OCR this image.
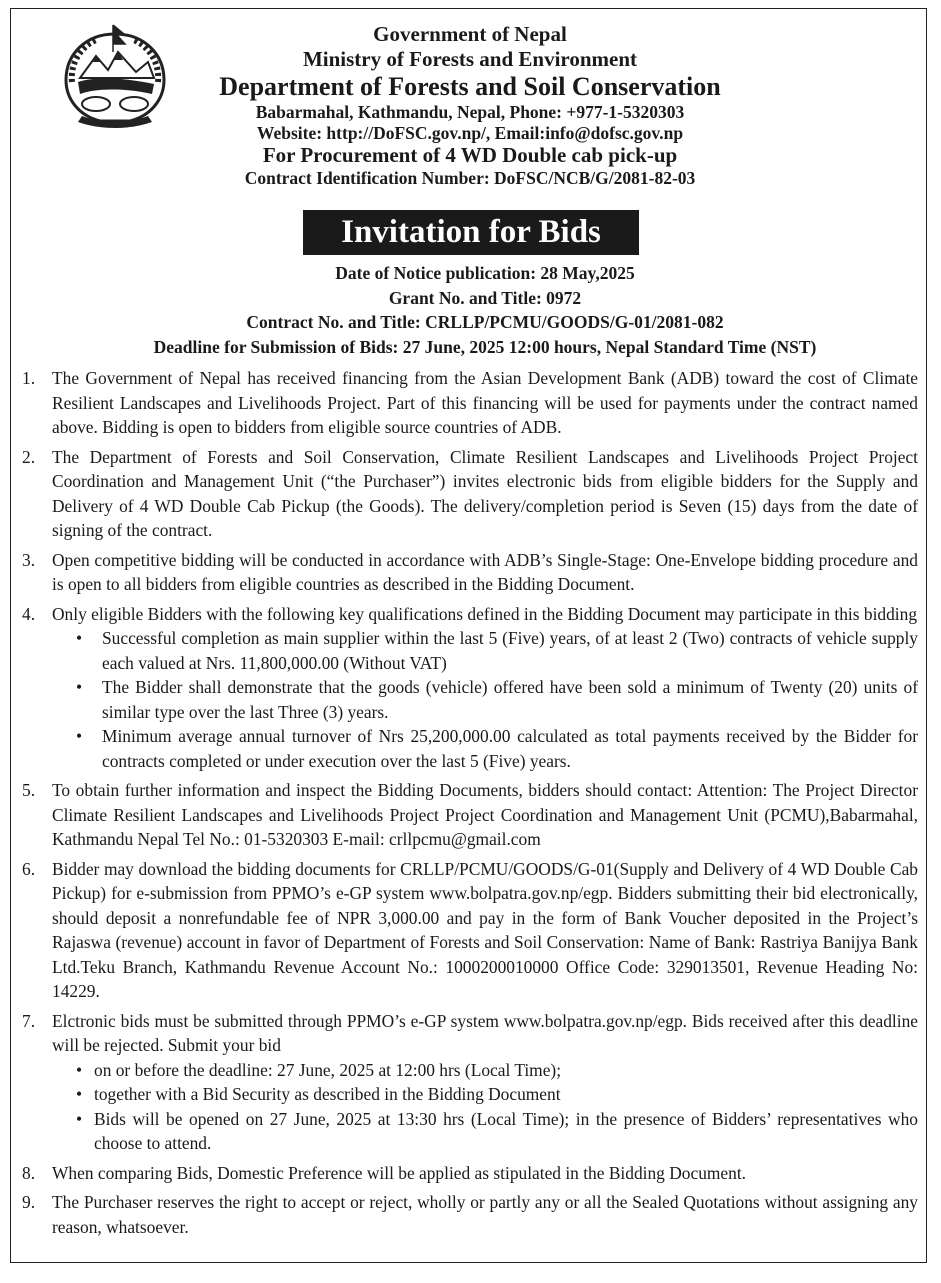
Government of Nepal
Ministry of Forests and Environment
Department of Forests and Soil Conservation
Babarmahal, Kathmandu, Nepal, Phone: +977-1-5320303
Website: http://DoFSC.gov.np/, Email:info@dofsc.gov.np
For Procurement of 4 WD Double cab pick-up
Contract Identification Number: DoFSC/NCB/G/2081-82-03
Invitation for Bids
Date of Notice publication: 28 May,2025
Grant No. and Title: 0972
Contract No. and Title: CRLLP/PCMU/GOODS/G-01/2081-082
Deadline for Submission of Bids: 27 June, 2025 12:00 hours, Nepal Standard Time (NST)
1. The Government of Nepal has received financing from the Asian Development Bank (ADB) toward the cost of Climate Resilient Landscapes and Livelihoods Project. Part of this financing will be used for payments under the contract named above. Bidding is open to bidders from eligible source countries of ADB.
2. The Department of Forests and Soil Conservation, Climate Resilient Landscapes and Livelihoods Project Project Coordination and Management Unit (“the Purchaser”) invites electronic bids from eligible bidders for the Supply and Delivery of 4 WD Double Cab Pickup (the Goods). The delivery/completion period is Seven (15) days from the date of signing of the contract.
3. Open competitive bidding will be conducted in accordance with ADB’s Single-Stage: One-Envelope bidding procedure and is open to all bidders from eligible countries as described in the Bidding Document.
4. Only eligible Bidders with the following key qualifications defined in the Bidding Document may participate in this bidding
• Successful completion as main supplier within the last 5 (Five) years, of at least 2 (Two) contracts of vehicle supply each valued at Nrs. 11,800,000.00 (Without VAT)
• The Bidder shall demonstrate that the goods (vehicle) offered have been sold a minimum of Twenty (20) units of similar type over the last Three (3) years.
• Minimum average annual turnover of Nrs 25,200,000.00 calculated as total payments received by the Bidder for contracts completed or under execution over the last 5 (Five) years.
5. To obtain further information and inspect the Bidding Documents, bidders should contact: Attention: The Project Director Climate Resilient Landscapes and Livelihoods Project Project Coordination and Management Unit (PCMU),Babarmahal, Kathmandu Nepal Tel No.: 01-5320303 E-mail: crllpcmu@gmail.com
6. Bidder may download the bidding documents for CRLLP/PCMU/GOODS/G-01(Supply and Delivery of 4 WD Double Cab Pickup) for e-submission from PPMO’s e-GP system www.bolpatra.gov.np/egp. Bidders submitting their bid electronically, should deposit a nonrefundable fee of NPR 3,000.00 and pay in the form of Bank Voucher deposited in the Project’s Rajaswa (revenue) account in favor of Department of Forests and Soil Conservation: Name of Bank: Rastriya Banijya Bank Ltd.Teku Branch, Kathmandu Revenue Account No.: 1000200010000 Office Code: 329013501, Revenue Heading No: 14229.
7. Elctronic bids must be submitted through PPMO’s e-GP system www.bolpatra.gov.np/egp. Bids received after this deadline will be rejected. Submit your bid
• on or before the deadline: 27 June, 2025 at 12:00 hrs (Local Time);
• together with a Bid Security as described in the Bidding Document
• Bids will be opened on 27 June, 2025 at 13:30 hrs (Local Time); in the presence of Bidders’ representatives who choose to attend.
8. When comparing Bids, Domestic Preference will be applied as stipulated in the Bidding Document.
9. The Purchaser reserves the right to accept or reject, wholly or partly any or all the Sealed Quotations without assigning any reason, whatsoever.
